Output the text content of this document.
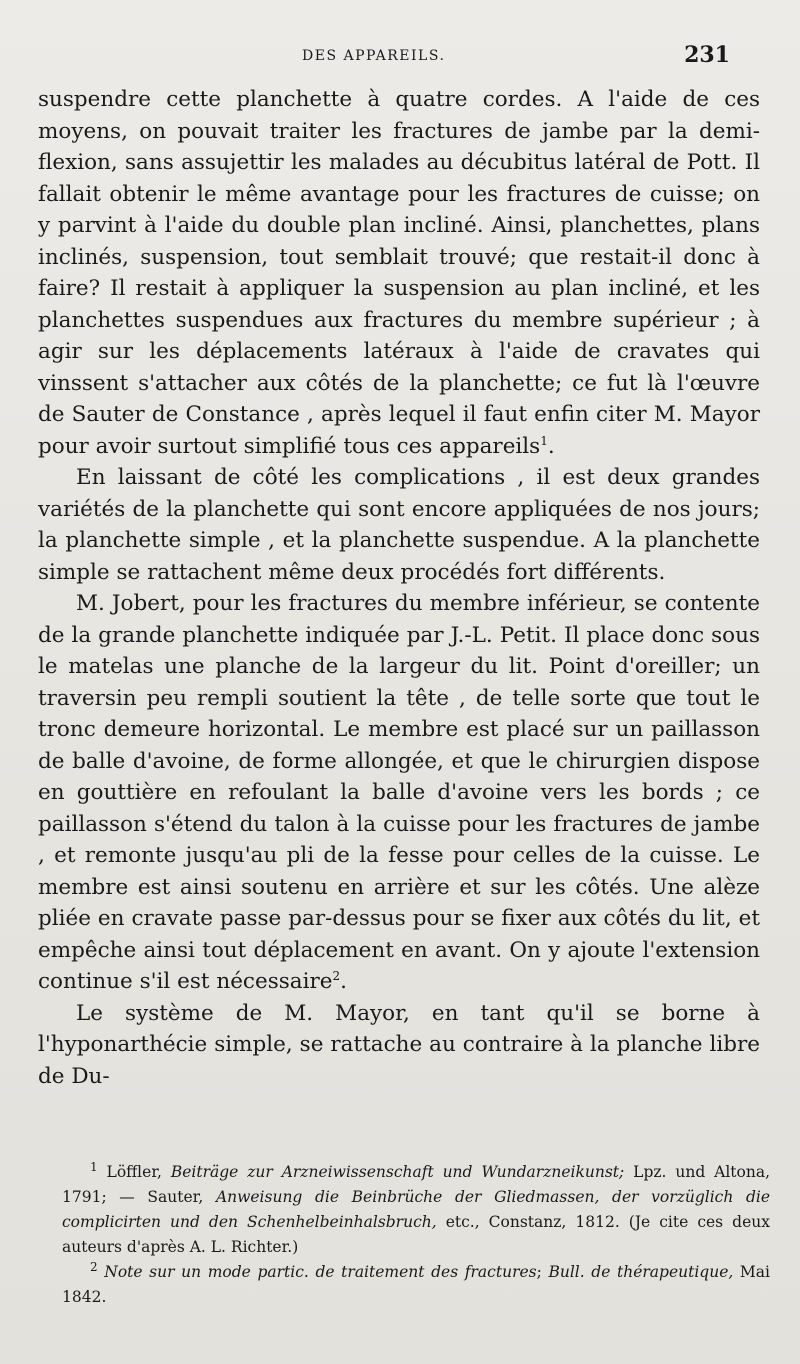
DES APPAREILS.	231

suspendre cette planchette à quatre cordes. A l'aide de ces moyens, on pouvait traiter les fractures de jambe par la demi-flexion, sans assujettir les malades au décubitus latéral de Pott. Il fallait obtenir le même avantage pour les fractures de cuisse; on y parvint à l'aide du double plan incliné. Ainsi, planchettes, plans inclinés, suspension, tout semblait trouvé; que restait-il donc à faire? Il restait à appliquer la suspension au plan incliné, et les planchettes suspendues aux fractures du membre supérieur ; à agir sur les déplacements latéraux à l'aide de cravates qui vinssent s'attacher aux côtés de la planchette; ce fut là l'œuvre de Sauter de Constance , après lequel il faut enfin citer M. Mayor pour avoir surtout simplifié tous ces appareils$^1$.

En laissant de côté les complications , il est deux grandes variétés de la planchette qui sont encore appliquées de nos jours; la planchette simple , et la planchette suspendue. A la planchette simple se rattachent même deux procédés fort différents.

M. Jobert, pour les fractures du membre inférieur, se contente de la grande planchette indiquée par J.-L. Petit. Il place donc sous le matelas une planche de la largeur du lit. Point d'oreiller; un traversin peu rempli soutient la tête , de telle sorte que tout le tronc demeure horizontal. Le membre est placé sur un paillasson de balle d'avoine, de forme allongée, et que le chirurgien dispose en gouttière en refoulant la balle d'avoine vers les bords ; ce paillasson s'étend du talon à la cuisse pour les fractures de jambe , et remonte jusqu'au pli de la fesse pour celles de la cuisse. Le membre est ainsi soutenu en arrière et sur les côtés. Une alèze pliée en cravate passe par-dessus pour se fixer aux côtés du lit, et empêche ainsi tout déplacement en avant. On y ajoute l'extension continue s'il est nécessaire$^2$.

Le système de M. Mayor, en tant qu'il se borne à l'hyponarthécie simple, se rattache au contraire à la planche libre de Du-

$^1$ Löffler, Beiträge zur Arzneiwissenschaft und Wundarzneikunst; Lpz. und Altona, 1791; — Sauter, Anweisung die Beinbrüche der Gliedmassen, der vorzüglich die complicirten und den Schenhelbeinhalsbruch, etc., Constanz, 1812. (Je cite ces deux auteurs d'après A. L. Richter.)

$^2$ Note sur un mode partic. de traitement des fractures; Bull. de thérapeutique, Mai 1842.
